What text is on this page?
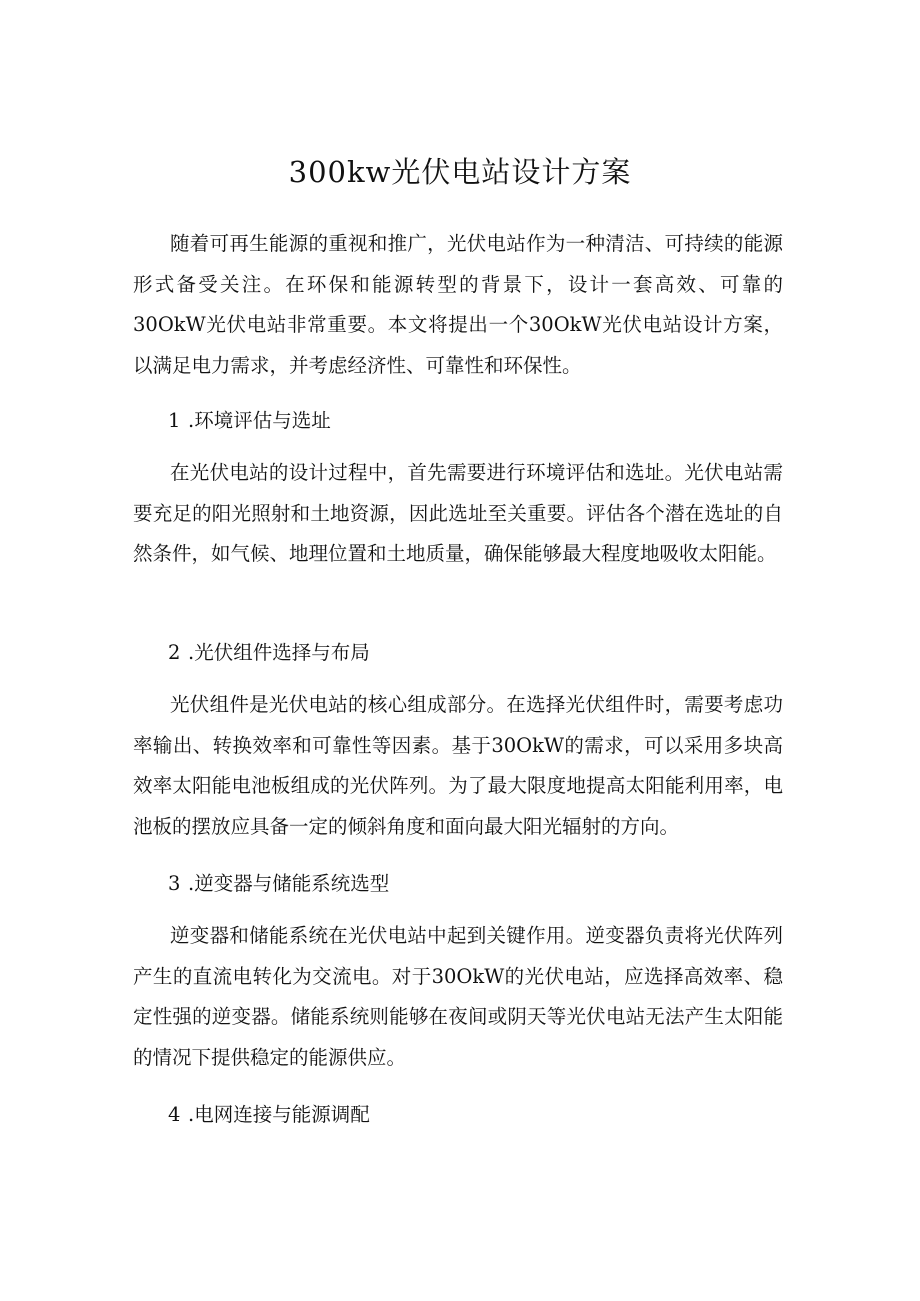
300kw光伏电站设计方案

随着可再生能源的重视和推广，光伏电站作为一种清洁、可持续的能源形式备受关注。在环保和能源转型的背景下，设计一套高效、可靠的30OkW光伏电站非常重要。本文将提出一个30OkW光伏电站设计方案，以满足电力需求，并考虑经济性、可靠性和环保性。

1 .环境评估与选址

在光伏电站的设计过程中，首先需要进行环境评估和选址。光伏电站需要充足的阳光照射和土地资源，因此选址至关重要。评估各个潜在选址的自然条件，如气候、地理位置和土地质量，确保能够最大程度地吸收太阳能。

2 .光伏组件选择与布局

光伏组件是光伏电站的核心组成部分。在选择光伏组件时，需要考虑功率输出、转换效率和可靠性等因素。基于30OkW的需求，可以采用多块高效率太阳能电池板组成的光伏阵列。为了最大限度地提高太阳能利用率，电池板的摆放应具备一定的倾斜角度和面向最大阳光辐射的方向。

3 .逆变器与储能系统选型

逆变器和储能系统在光伏电站中起到关键作用。逆变器负责将光伏阵列产生的直流电转化为交流电。对于30OkW的光伏电站，应选择高效率、稳定性强的逆变器。储能系统则能够在夜间或阴天等光伏电站无法产生太阳能的情况下提供稳定的能源供应。

4 .电网连接与能源调配
